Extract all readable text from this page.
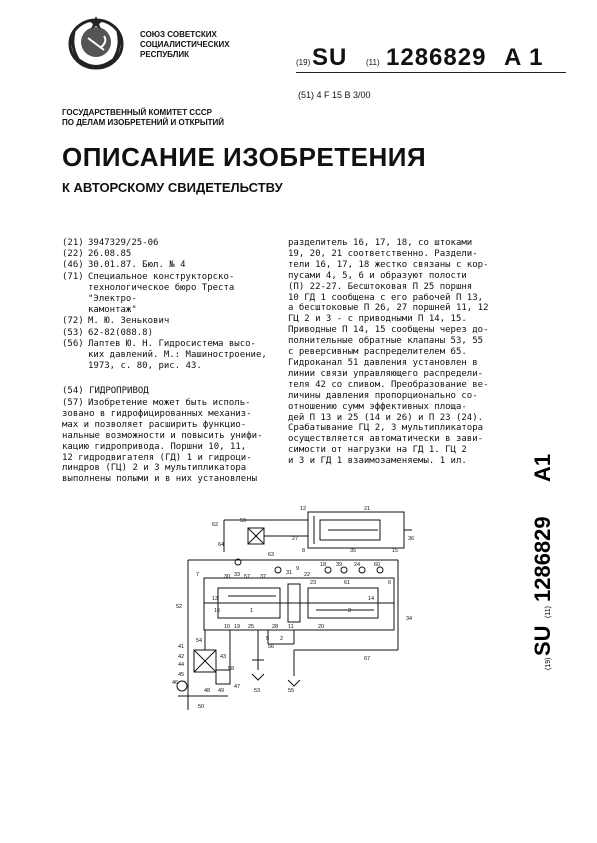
СОЮЗ СОВЕТСКИХ
СОЦИАЛИСТИЧЕСКИХ
РЕСПУБЛИК
(19) SU (11) 1286829 A 1
(51) 4 F 15 B 3/00
ГОСУДАРСТВЕННЫЙ КОМИТЕТ СССР
ПО ДЕЛАМ ИЗОБРЕТЕНИЙ И ОТКРЫТИЙ
ОПИСАНИЕ ИЗОБРЕТЕНИЯ
К АВТОРСКОМУ СВИДЕТЕЛЬСТВУ
(21) 3947329/25-06
(22) 26.08.85
(46) 30.01.87. Бюл. № 4
(71) Специальное конструкторско-
технологическое бюро Треста "Электро-
камонтаж"
(72) М. Ю. Зенькович
(53) 62-82(088.8)
(56) Лаптев Ю. Н. Гидросистема высо-
ких давлений. М.: Машиностроение,
1973, с. 80, рис. 43.
(54) ГИДРОПРИВОД
(57) Изобретение может быть исполь-
зовано в гидрофицированных механиз-
мах и позволяет расширить функцио-
нальные возможности и повысить унифи-
кацию гидропривода. Поршни 10, 11,
12 гидродвигателя (ГД) 1 и гидроци-
линдров (ГЦ) 2 и 3 мультипликатора
выполнены полыми и в них установлены

разделитель 16, 17, 18, со штоками
19, 20, 21 соответственно. Раздели-
тели 16, 17, 18 жестко связаны с кор-
пусами 4, 5, 6 и образуют полости
(П) 22-27. Бесштоковая П 25 поршня
10 ГД 1 сообщена с его рабочей П 13,
а бесштоковые П 26, 27 поршней 11, 12
ГЦ 2 и 3 - с приводными П 14, 15.
Приводные П 14, 15 сообщены через до-
полнительные обратные клапаны 53, 55
с реверсивным распределителем 65.
Гидроканал 51 давления установлен в
линии связи управляющего распредели-
теля 42 со сливом. Преобразование ве-
личины давления пропорционально со-
отношению сумм эффективных площа-
дей П 13 и 25 (14 и 26) и П 23 (24).
Срабатывание ГЦ 2, 3 мультипликатора
осуществляется автоматически в зави-
симости от нагрузки на ГД 1. ГЦ 2
и 3 и ГД 1 взаимозаменяемы. 1 ил.

(19)
SU
(11)
1286829
A1
62
59
64
12	21
27	36
8
63
35	15
18 39 24	60
33
30	57 37
31 22
23	61
52
7
54
41
42
44
43
45
46
58
47
10 19 25
5
6
28
2
1	3
16
20
11
67
34
48 49
50
53	55
56
13	14
9
